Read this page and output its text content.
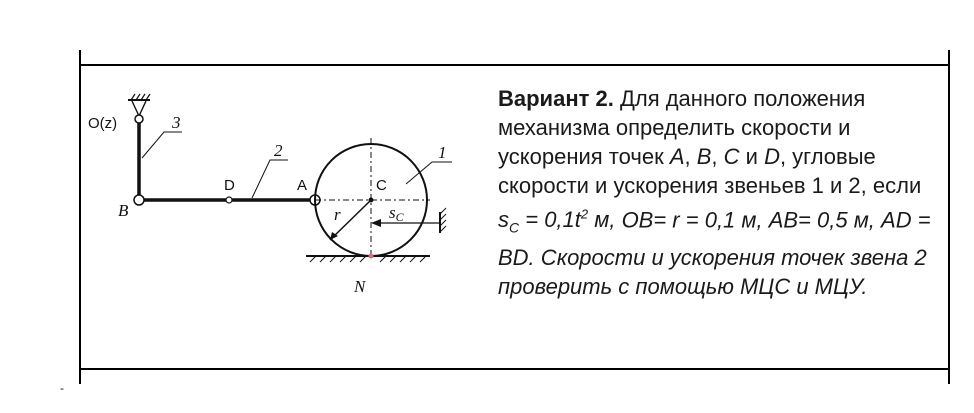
-
O(z)	3
2	1
B
D	A	C
r	sC
N
Вариант 2. Для данного положения механизма определить скорости и ускорения точек A, B, C и D, угловые скорости и ускорения звеньев 1 и 2, если $s_C = 0,1t^2$ м, OB= r = 0,1 м, AB= 0,5 м, AD = BD. Скорости и ускорения точек звена 2 проверить с помощью МЦС и МЦУ.
